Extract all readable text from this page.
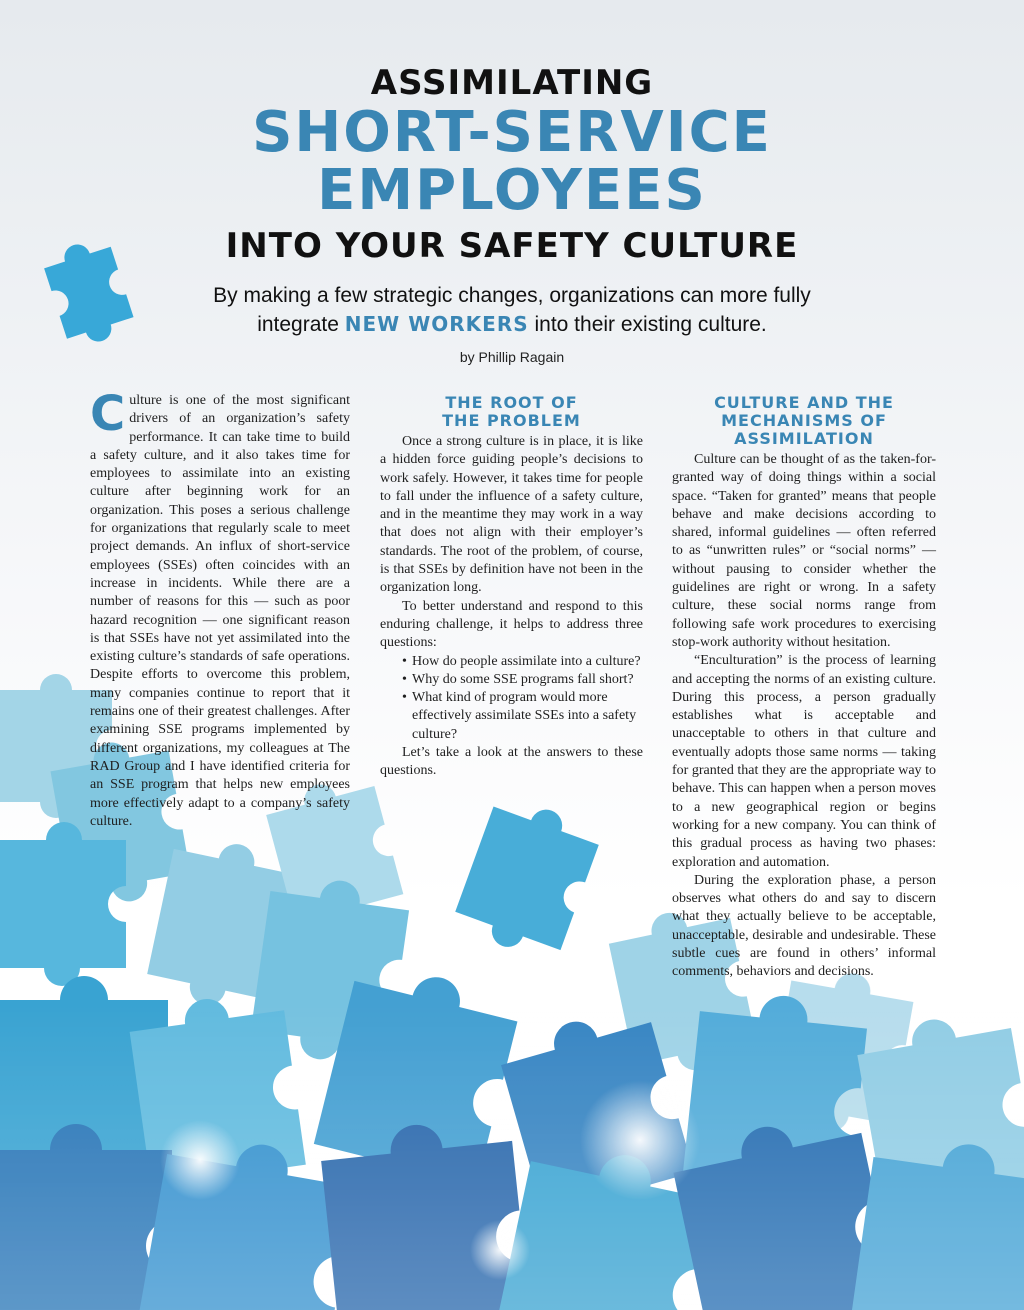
ASSIMILATING
SHORT-SERVICE
EMPLOYEES
INTO YOUR SAFETY CULTURE
By making a few strategic changes, organizations can more fully
integrate NEW WORKERS into their existing culture.
by Phillip Ragain

Culture is one of the most significant drivers of an organization’s safety performance. It can take time to build a safety culture, and it also takes time for employees to assimilate into an existing culture after beginning work for an organization. This poses a serious challenge for organizations that regularly scale to meet project demands. An influx of short-service employees (SSEs) often coincides with an increase in incidents. While there are a number of reasons for this — such as poor hazard recognition — one significant reason is that SSEs have not yet assimilated into the existing culture’s standards of safe operations. Despite efforts to overcome this problem, many companies continue to report that it remains one of their greatest challenges. After examining SSE programs implemented by different organizations, my colleagues at The RAD Group and I have identified criteria for an SSE program that helps new employees more effectively adapt to a company’s safety culture.

THE ROOT OF
THE PROBLEM

Once a strong culture is in place, it is like a hidden force guiding people’s decisions to work safely. However, it takes time for people to fall under the influence of a safety culture, and in the meantime they may work in a way that does not align with their employer’s standards. The root of the problem, of course, is that SSEs by definition have not been in the organization long.

To better understand and respond to this enduring challenge, it helps to address three questions:

• How do people assimilate into a culture?
• Why do some SSE programs fall short?
• What kind of program would more effectively assimilate SSEs into a safety culture?

Let’s take a look at the answers to these questions.

CULTURE AND THE
MECHANISMS OF
ASSIMILATION

Culture can be thought of as the taken-for-granted way of doing things within a social space. “Taken for granted” means that people behave and make decisions according to shared, informal guidelines — often referred to as “unwritten rules” or “social norms” — without pausing to consider whether the guidelines are right or wrong. In a safety culture, these social norms range from following safe work procedures to exercising stop-work authority without hesitation.

“Enculturation” is the process of learning and accepting the norms of an existing culture. During this process, a person gradually establishes what is acceptable and unacceptable to others in that culture and eventually adopts those same norms — taking for granted that they are the appropriate way to behave. This can happen when a person moves to a new geographical region or begins working for a new company. You can think of this gradual process as having two phases: exploration and automation.

During the exploration phase, a person observes what others do and say to discern what they actually believe to be acceptable, unacceptable, desirable and undesirable. These subtle cues are found in others’ informal comments, behaviors and decisions.
